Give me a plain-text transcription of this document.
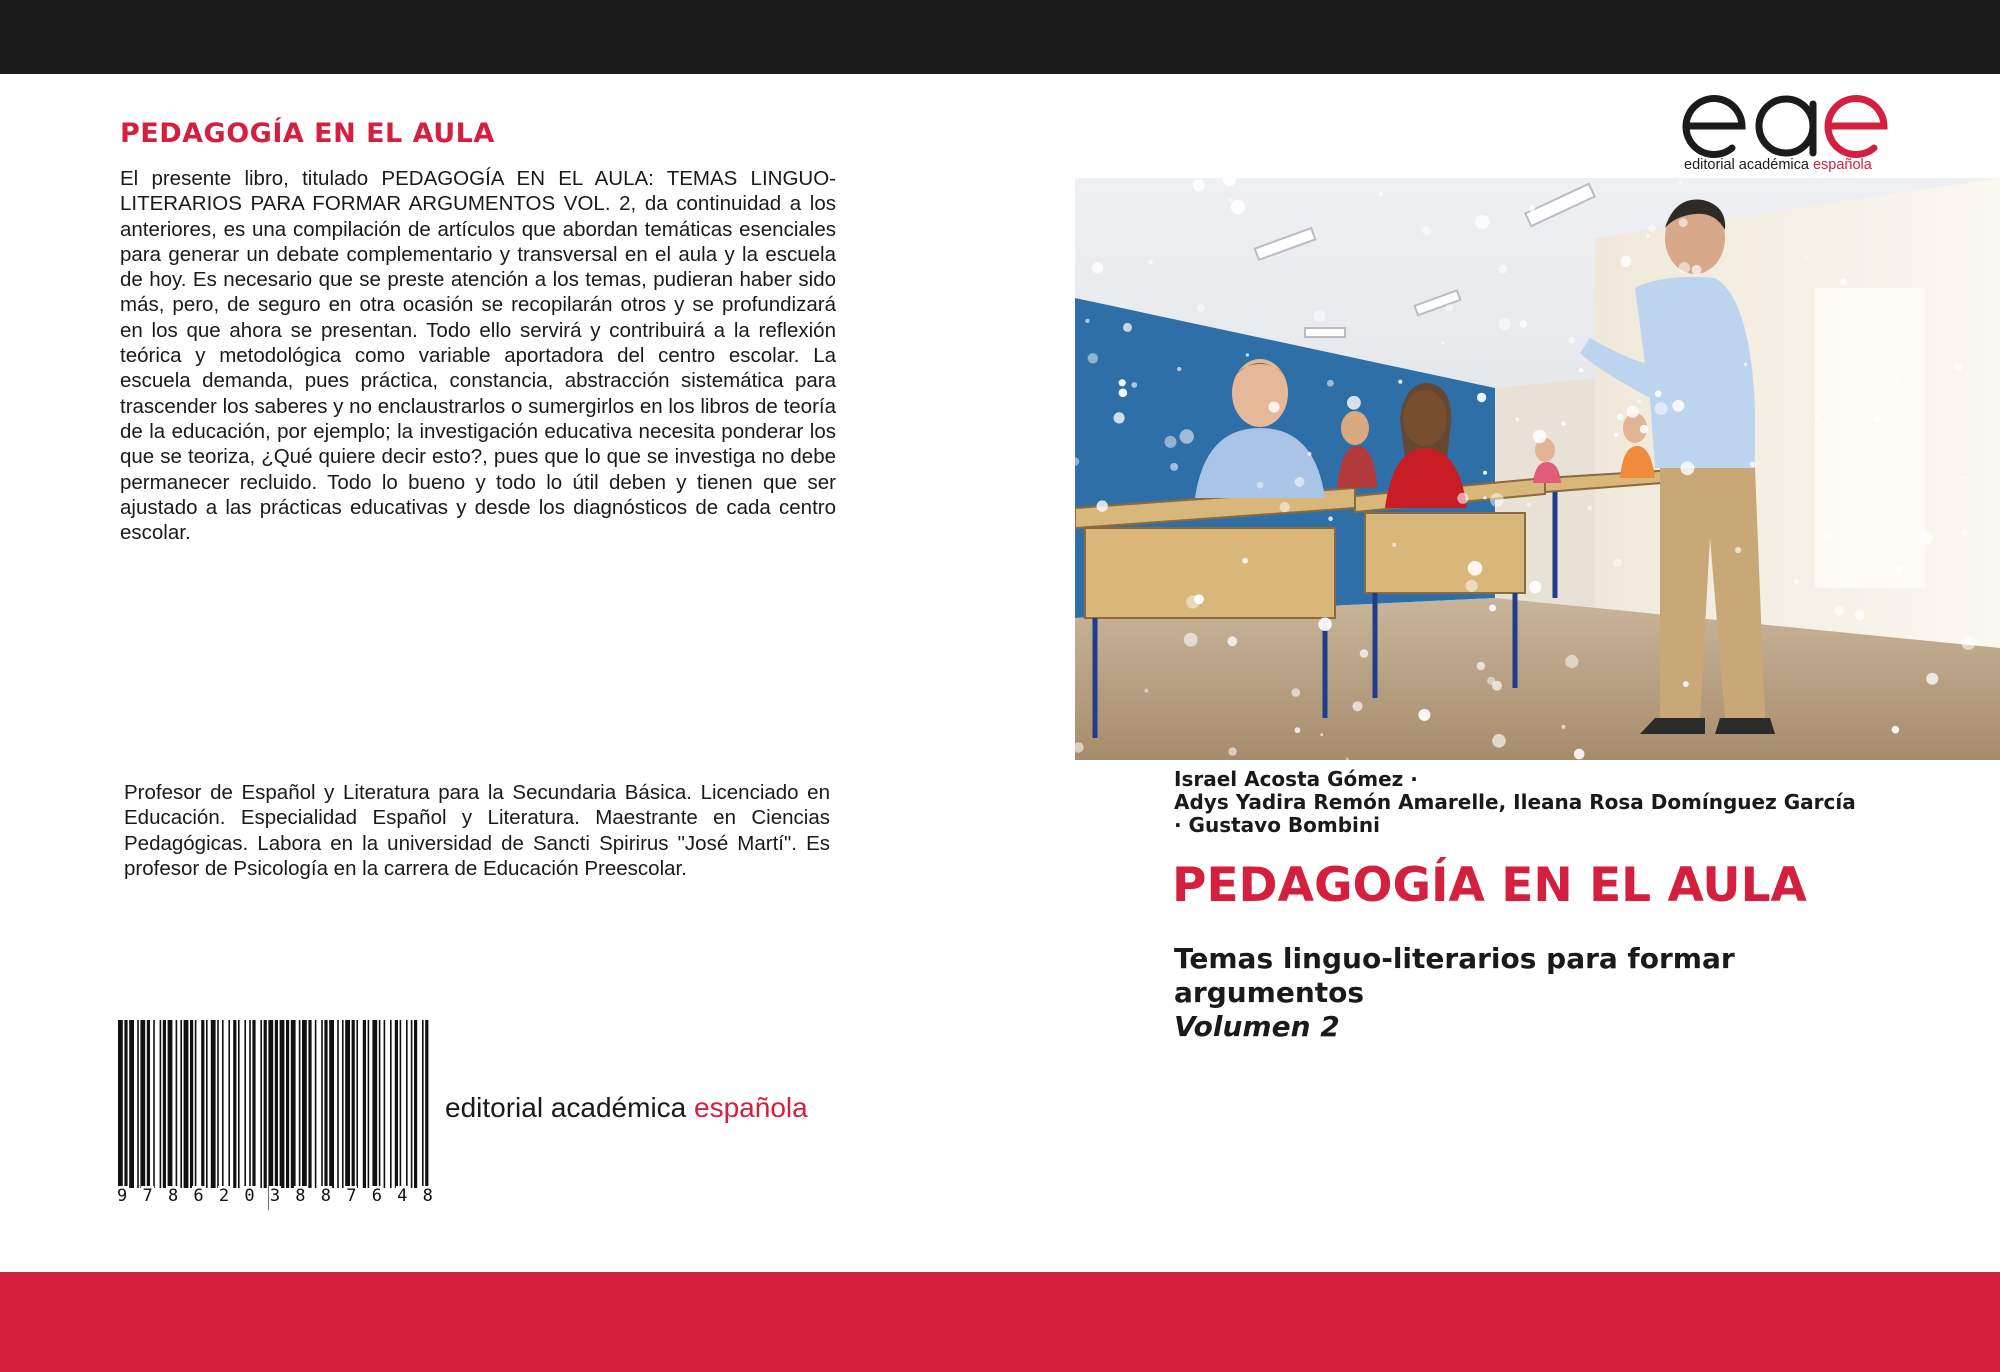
PEDAGOGÍA EN EL AULA

El presente libro, titulado PEDAGOGÍA EN EL AULA: TEMAS LINGUO-LITERARIOS PARA FORMAR ARGUMENTOS VOL. 2, da continuidad a los anteriores, es una compilación de artículos que abordan temáticas esenciales para generar un debate complementario y transversal en el aula y la escuela de hoy. Es necesario que se preste atención a los temas, pudieran haber sido más, pero, de seguro en otra ocasión se recopilarán otros y se profundizará en los que ahora se presentan. Todo ello servirá y contribuirá a la reflexión teórica y metodológica como variable aportadora del centro escolar. La escuela demanda, pues práctica, constancia, abstracción sistemática para trascender los saberes y no enclaustrarlos o sumergirlos en los libros de teoría de la educación, por ejemplo; la investigación educativa necesita ponderar los que se teoriza, ¿Qué quiere decir esto?, pues que lo que se investiga no debe permanecer recluido. Todo lo bueno y todo lo útil deben y tienen que ser ajustado a las prácticas educativas y desde los diagnósticos de cada centro escolar.

Profesor de Español y Literatura para la Secundaria Básica. Licenciado en Educación. Especialidad Español y Literatura. Maestrante en Ciencias Pedagógicas. Labora en la universidad de Sancti Spirirus "José Martí". Es profesor de Psicología en la carrera de Educación Preescolar.

9 7 8 6 2 0 3 8 8 7 6 4 8

editorial académica española

editorial académica española

Israel Acosta Gómez ·
Adys Yadira Remón Amarelle, Ileana Rosa Domínguez García
· Gustavo Bombini
PEDAGOGÍA EN EL AULA

Temas linguo-literarios para formar argumentos
Volumen 2
